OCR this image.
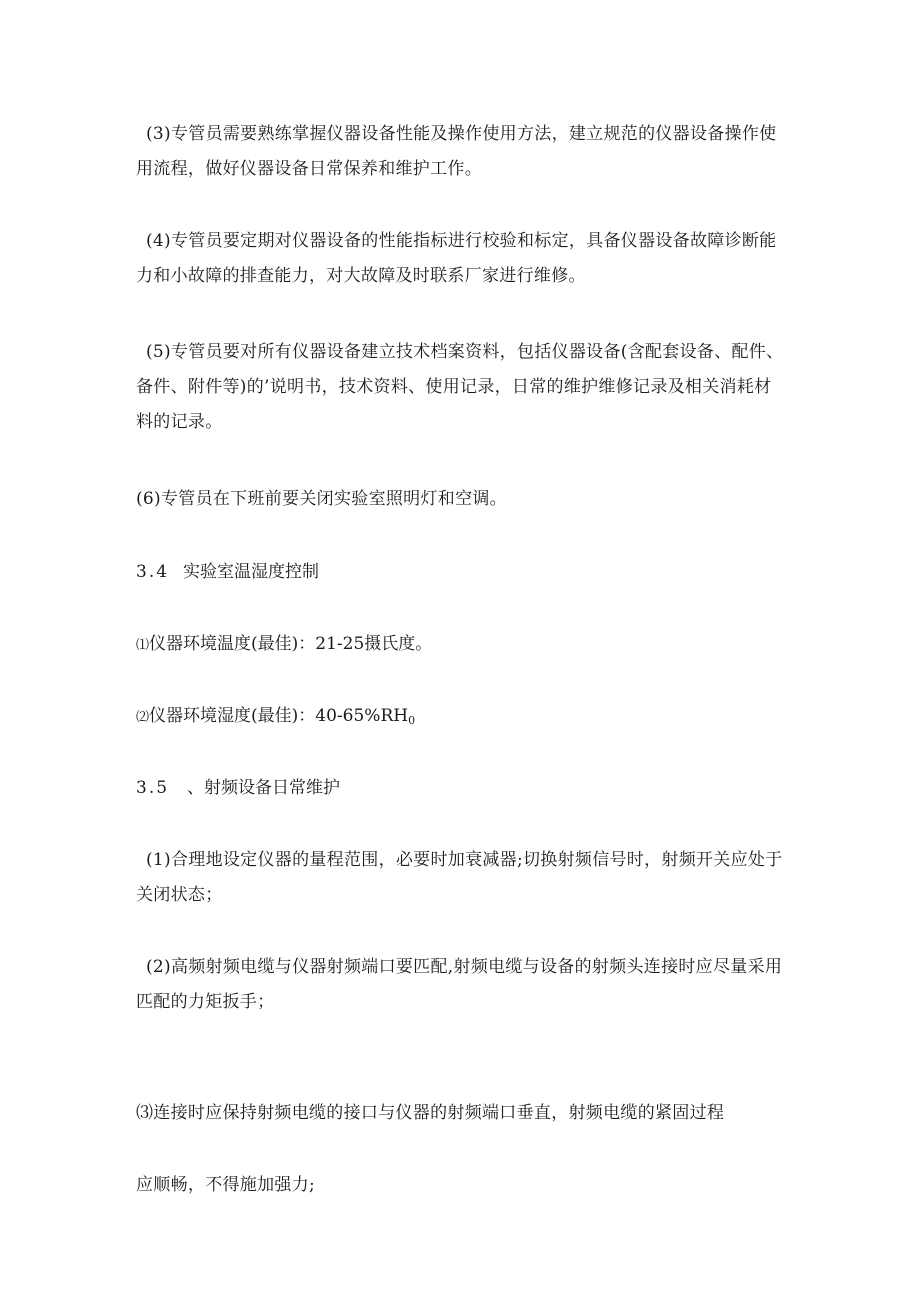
(3)专管员需要熟练掌握仪器设备性能及操作使用方法，建立规范的仪器设备操作使
用流程，做好仪器设备日常保养和维护工作。

(4)专管员要定期对仪器设备的性能指标进行校验和标定，具备仪器设备故障诊断能
力和小故障的排查能力，对大故障及时联系厂家进行维修。

(5)专管员要对所有仪器设备建立技术档案资料，包括仪器设备(含配套设备、配件、
备件、附件等)的’说明书，技术资料、使用记录，日常的维护维修记录及相关消耗材
料的记录。

(6)专管员在下班前要关闭实验室照明灯和空调。

3.4 实验室温湿度控制

⑴仪器环境温度(最佳)：21-25摄氏度。

⑵仪器环境湿度(最佳)：$40-65\%RH_0$

3.5 、射频设备日常维护

(1)合理地设定仪器的量程范围，必要时加衰减器;切换射频信号时，射频开关应处于
关闭状态；

(2)高频射频电缆与仪器射频端口要匹配,射频电缆与设备的射频头连接时应尽量采用
匹配的力矩扳手；

⑶连接时应保持射频电缆的接口与仪器的射频端口垂直，射频电缆的紧固过程

应顺畅，不得施加强力;
